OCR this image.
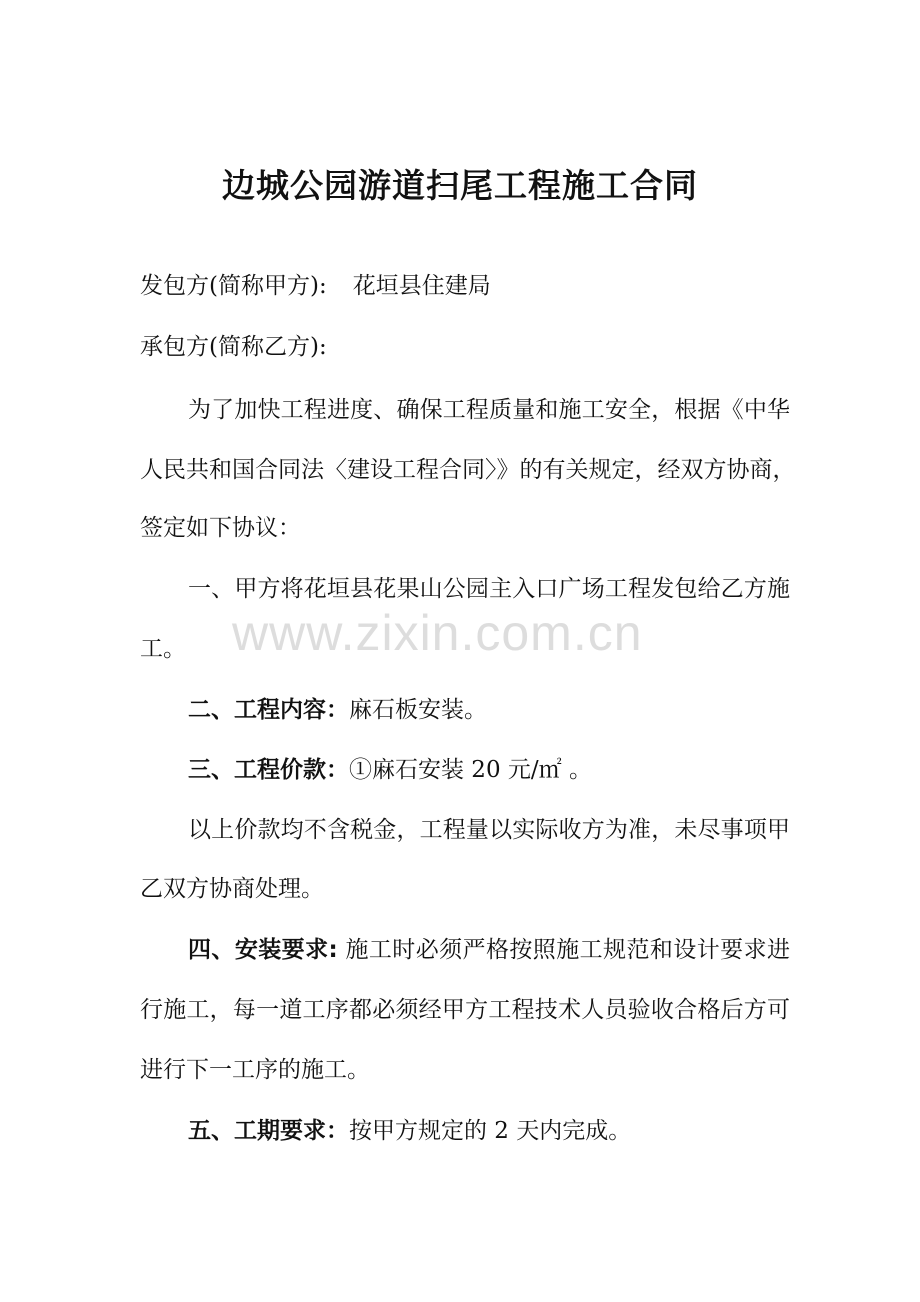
边城公园游道扫尾工程施工合同
发包方(简称甲方): 花垣县住建局
承包方(简称乙方):
为了加快工程进度、确保工程质量和施工安全，根据《中华
人民共和国合同法〈建设工程合同〉》的有关规定，经双方协商，
签定如下协议：
一、甲方将花垣县花果山公园主入口广场工程发包给乙方施
工。
二、工程内容：麻石板安装。
三、工程价款：①麻石安装 20 元/㎡ 。
以上价款均不含税金，工程量以实际收方为准，未尽事项甲
乙双方协商处理。
四、安装要求: 施工时必须严格按照施工规范和设计要求进
行施工，每一道工序都必须经甲方工程技术人员验收合格后方可
进行下一工序的施工。
五、工期要求：按甲方规定的 2 天内完成。
www.zixin.com.cn
